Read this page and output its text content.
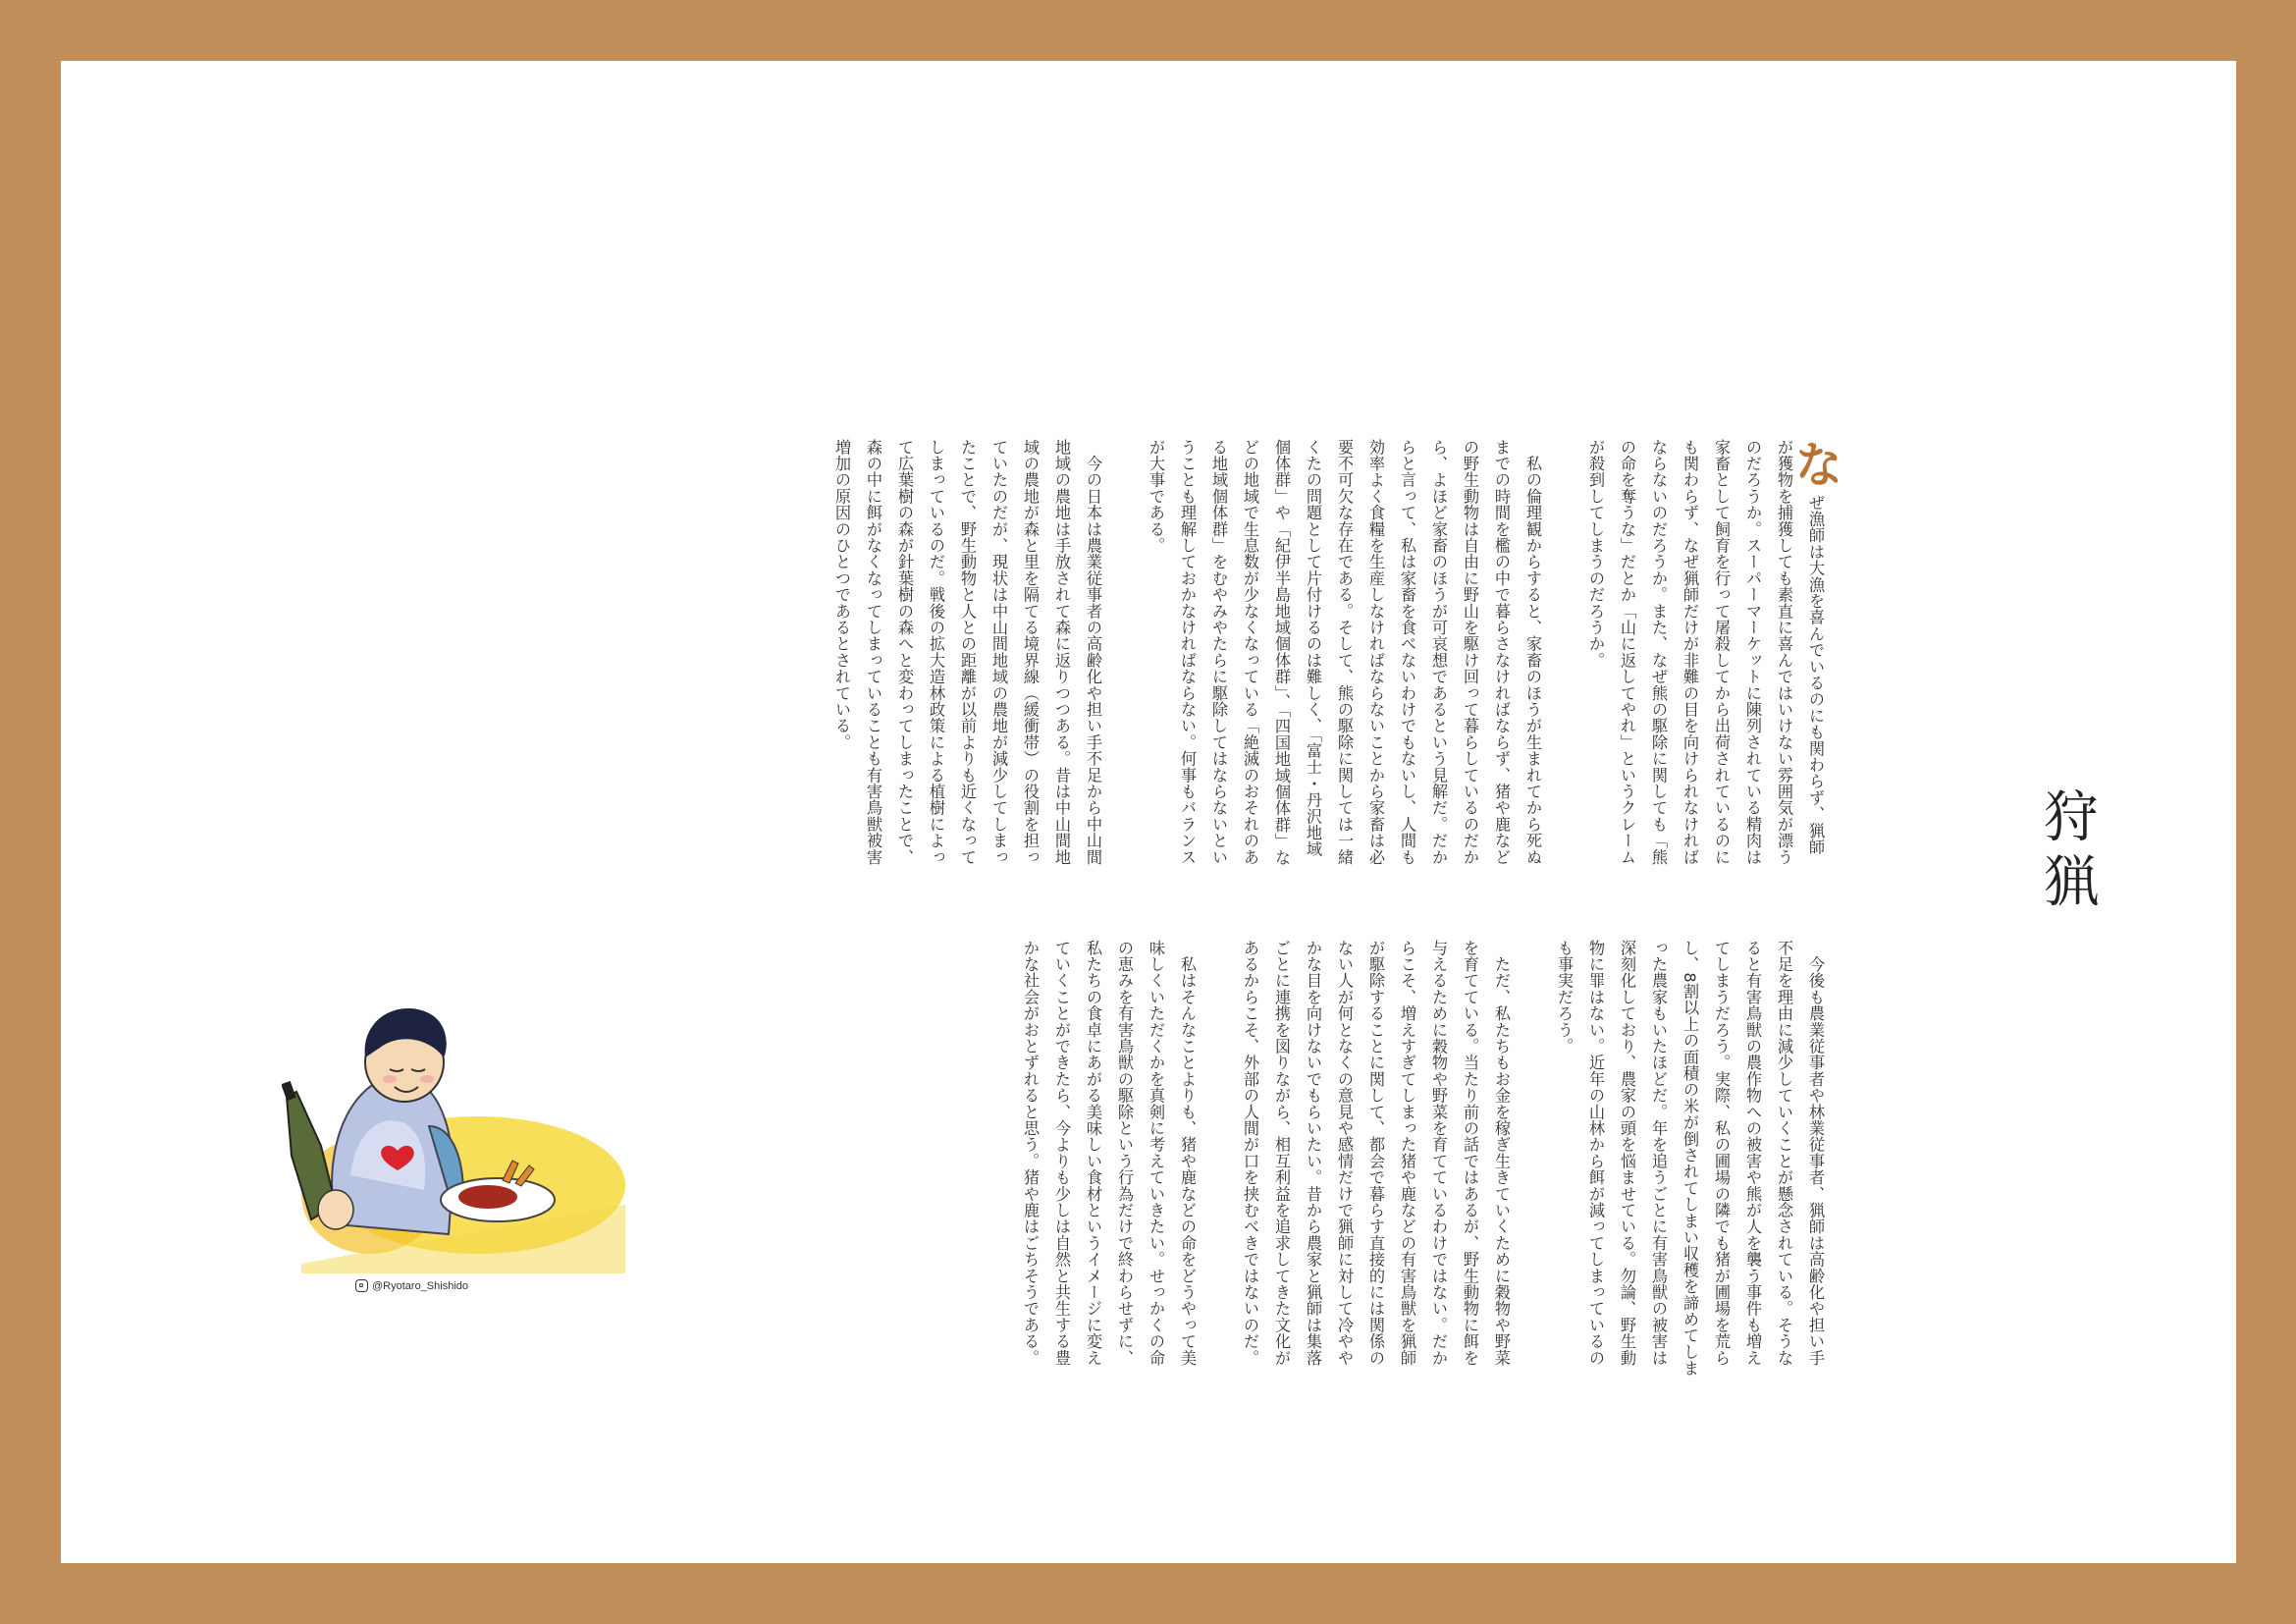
狩猟

なぜ漁師は大漁を喜んでいるのにも関わらず、猟師が獲物を捕獲しても素直に喜んではいけない雰囲気が漂うのだろうか。スーパーマーケットに陳列されている精肉は家畜として飼育を行って屠殺してから出荷されているのにも関わらず、なぜ猟師だけが非難の目を向けられなければならないのだろうか。また、なぜ熊の駆除に関しても「熊の命を奪うな」だとか「山に返してやれ」というクレームが殺到してしまうのだろうか。

　私の倫理観からすると、家畜のほうが生まれてから死ぬまでの時間を檻の中で暮らさなければならず、猪や鹿などの野生動物は自由に野山を駆け回って暮らしているのだから、よほど家畜のほうが可哀想であるという見解だ。だからと言って、私は家畜を食べないわけでもないし、人間も効率よく食糧を生産しなければならないことから家畜は必要不可欠な存在である。そして、熊の駆除に関しては一緒くたの問題として片付けるのは難しく、「富士・丹沢地域個体群」や「紀伊半島地域個体群」、「四国地域個体群」などの地域で生息数が少なくなっている「絶滅のおそれのある地域個体群」をむやみやたらに駆除してはならないということも理解しておかなければならない。何事もバランスが大事である。

　今の日本は農業従事者の高齢化や担い手不足から中山間地域の農地は手放されて森に返りつつある。昔は中山間地域の農地が森と里を隔てる境界線（緩衝帯）の役割を担っていたのだが、現状は中山間地域の農地が減少してしまったことで、野生動物と人との距離が以前よりも近くなってしまっているのだ。戦後の拡大造林政策による植樹によって広葉樹の森が針葉樹の森へと変わってしまったことで、森の中に餌がなくなってしまっていることも有害鳥獣被害増加の原因のひとつであるとされている。

　今後も農業従事者や林業従事者、猟師は高齢化や担い手不足を理由に減少していくことが懸念されている。そうなると有害鳥獣の農作物への被害や熊が人を襲う事件も増えてしまうだろう。実際、私の圃場の隣でも猪が圃場を荒らし、8割以上の面積の米が倒されてしまい収穫を諦めてしまった農家もいたほどだ。年を追うごとに有害鳥獣の被害は深刻化しており、農家の頭を悩ませている。勿論、野生動物に罪はない。近年の山林から餌が減ってしまっているのも事実だろう。

　ただ、私たちもお金を稼ぎ生きていくために穀物や野菜を育てている。当たり前の話ではあるが、野生動物に餌を与えるために穀物や野菜を育てているわけではない。だからこそ、増えすぎてしまった猪や鹿などの有害鳥獣を猟師が駆除することに関して、都会で暮らす直接的には関係のない人が何となくの意見や感情だけで猟師に対して冷ややかな目を向けないでもらいたい。昔から農家と猟師は集落ごとに連携を図りながら、相互利益を追求してきた文化があるからこそ、外部の人間が口を挟むべきではないのだ。

　私はそんなことよりも、猪や鹿などの命をどうやって美味しくいただくかを真剣に考えていきたい。せっかくの命の恵みを有害鳥獣の駆除という行為だけで終わらせずに、私たちの食卓にあがる美味しい食材というイメージに変えていくことができたら、今よりも少しは自然と共生する豊かな社会がおとずれると思う。猪や鹿はごちそうである。

@Ryotaro_Shishido
